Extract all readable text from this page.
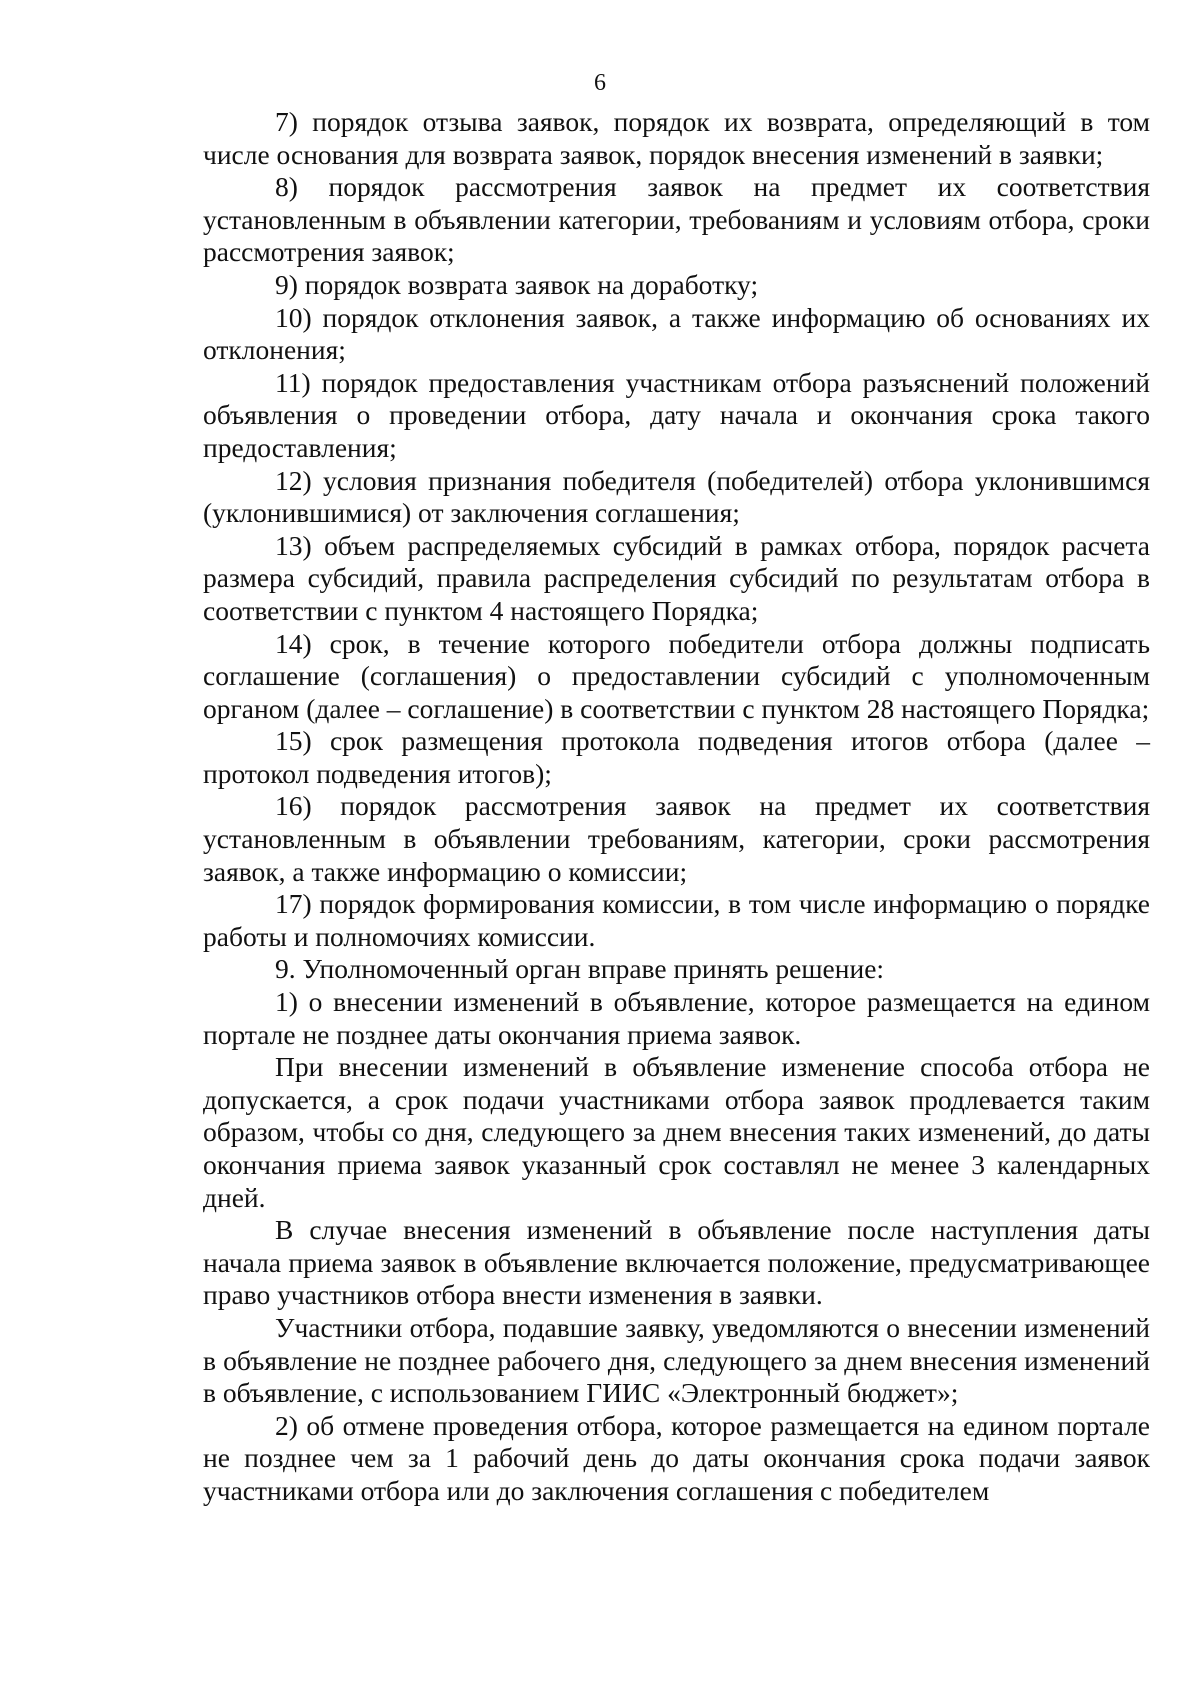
6

7) порядок отзыва заявок, порядок их возврата, определяющий в том числе основания для возврата заявок, порядок внесения изменений в заявки;

8) порядок рассмотрения заявок на предмет их соответствия установленным в объявлении категории, требованиям и условиям отбора, сроки рассмотрения заявок;

9) порядок возврата заявок на доработку;

10) порядок отклонения заявок, а также информацию об основаниях их отклонения;

11) порядок предоставления участникам отбора разъяснений положений объявления о проведении отбора, дату начала и окончания срока такого предоставления;

12) условия признания победителя (победителей) отбора уклонившимся (уклонившимися) от заключения соглашения;

13) объем распределяемых субсидий в рамках отбора, порядок расчета размера субсидий, правила распределения субсидий по результатам отбора в соответствии с пунктом 4 настоящего Порядка;

14) срок, в течение которого победители отбора должны подписать соглашение (соглашения) о предоставлении субсидий с уполномоченным органом (далее – соглашение) в соответствии с пунктом 28 настоящего Порядка;

15) срок размещения протокола подведения итогов отбора (далее – протокол подведения итогов);

16) порядок рассмотрения заявок на предмет их соответствия установленным в объявлении требованиям, категории, сроки рассмотрения заявок, а также информацию о комиссии;

17) порядок формирования комиссии, в том числе информацию о порядке работы и полномочиях комиссии.

9. Уполномоченный орган вправе принять решение:

1) о внесении изменений в объявление, которое размещается на едином портале не позднее даты окончания приема заявок.

При внесении изменений в объявление изменение способа отбора не допускается, а срок подачи участниками отбора заявок продлевается таким образом, чтобы со дня, следующего за днем внесения таких изменений, до даты окончания приема заявок указанный срок составлял не менее 3 календарных дней.

В случае внесения изменений в объявление после наступления даты начала приема заявок в объявление включается положение, предусматривающее право участников отбора внести изменения в заявки.

Участники отбора, подавшие заявку, уведомляются о внесении изменений в объявление не позднее рабочего дня, следующего за днем внесения изменений в объявление, с использованием ГИИС «Электронный бюджет»;

2) об отмене проведения отбора, которое размещается на едином портале не позднее чем за 1 рабочий день до даты окончания срока подачи заявок участниками отбора или до заключения соглашения с победителем
